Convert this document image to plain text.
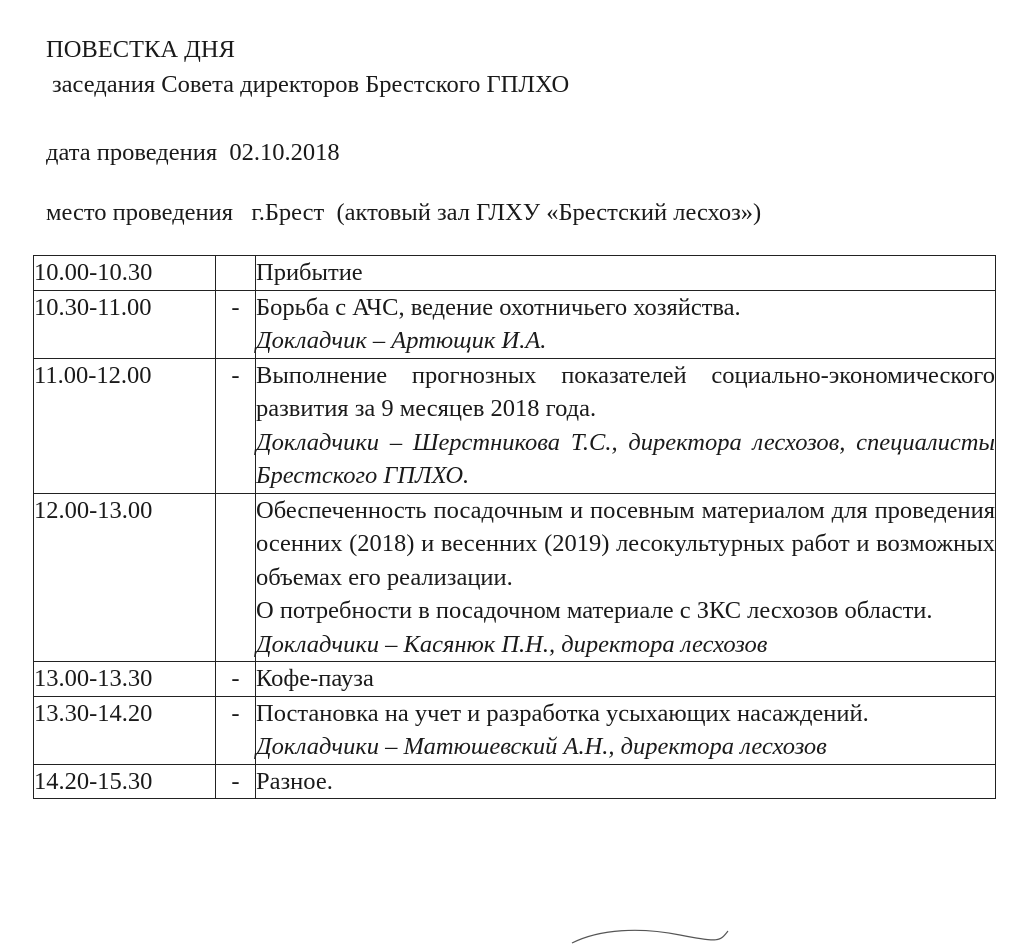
ПОВЕСТКА ДНЯ
заседания Совета директоров Брестского ГПЛХО
дата проведения  02.10.2018
место проведения   г.Брест  (актовый зал ГЛХУ «Брестский лесхоз»)
10.00-10.30		Прибытие

10.30-11.00	-	Борьба с АЧС, ведение охотничьего хозяйства.
Докладчик – Артющик И.А.

11.00-12.00	-	Выполнение прогнозных показателей социально-экономического развития за 9 месяцев 2018 года.
Докладчики – Шерстникова Т.С., директора лесхозов, специалисты Брестского ГПЛХО.

12.00-13.00		Обеспеченность посадочным и посевным материалом для проведения осенних (2018) и весенних (2019) лесокультурных работ и возможных объемах его реализации.
О потребности в посадочном материале с ЗКС лесхозов области.
Докладчики – Касянюк П.Н., директора лесхозов

13.00-13.30	-	Кофе-пауза

13.30-14.20	-	Постановка на учет и разработка усыхающих насаждений.
Докладчики – Матюшевский А.Н., директора лесхозов

14.20-15.30	-	Разное.
